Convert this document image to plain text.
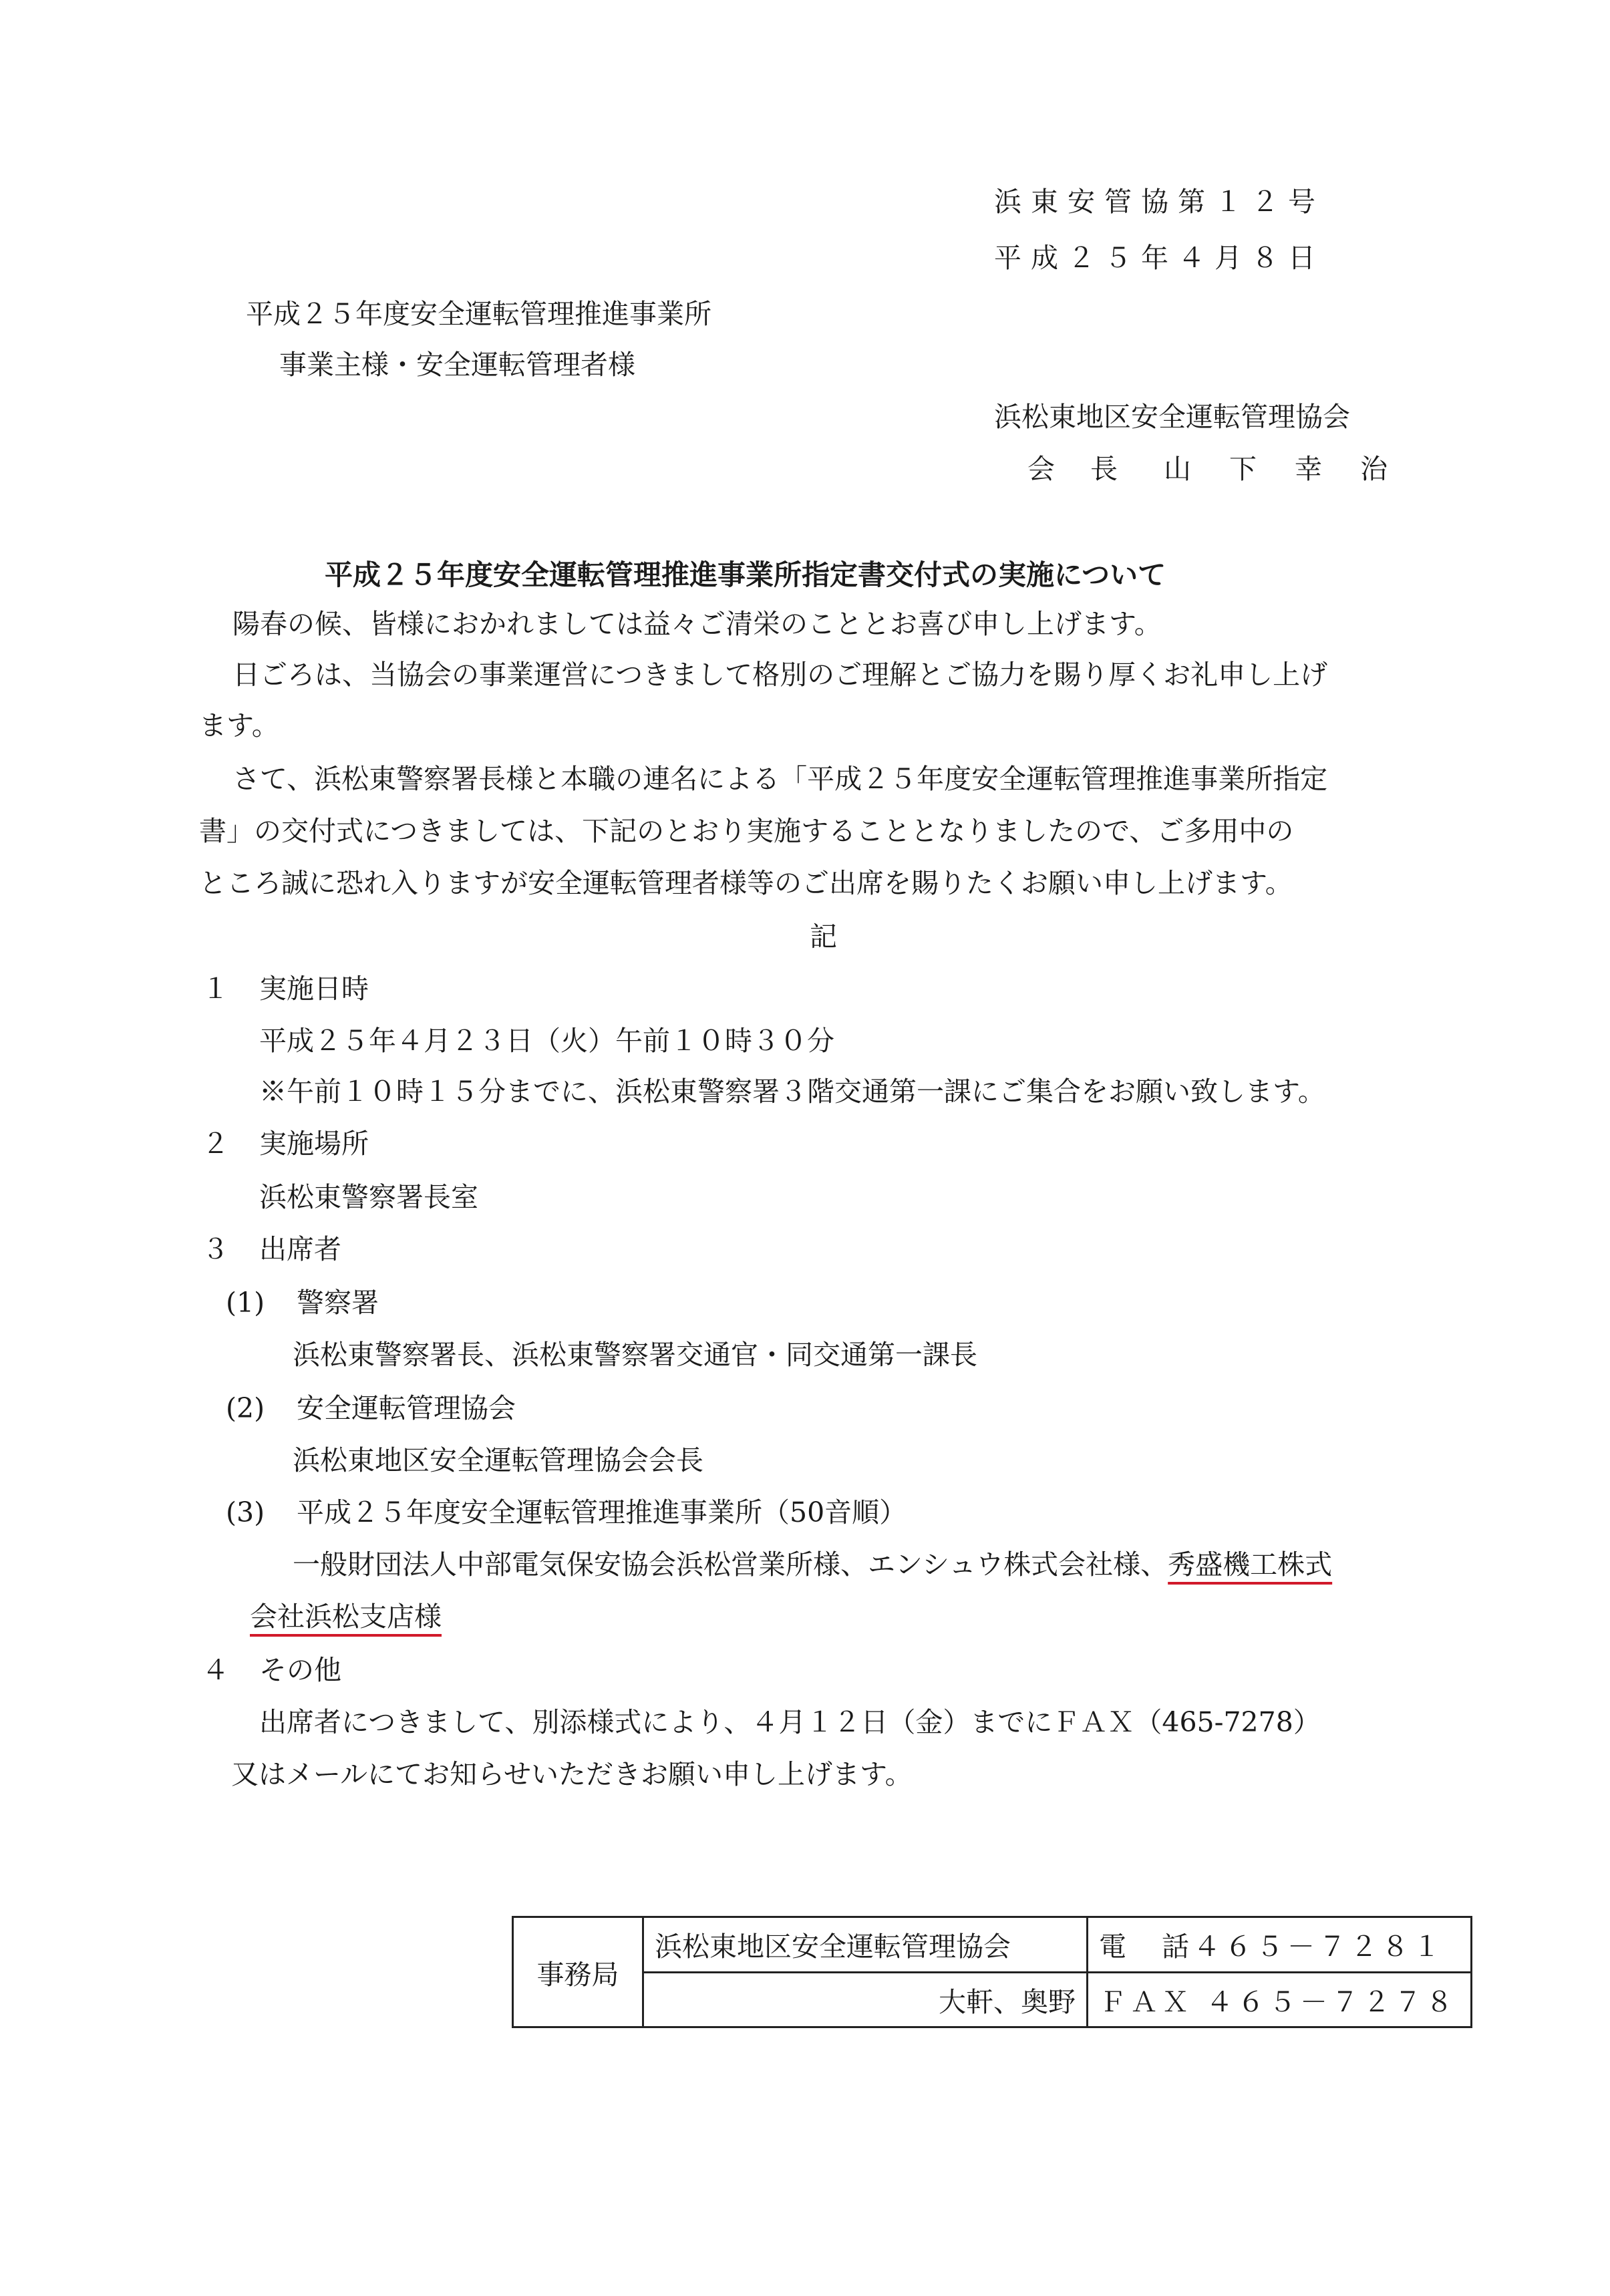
浜東安管協第１２号
平成２５年４月８日
平成２５年度安全運転管理推進事業所
事業主様・安全運転管理者様
浜松東地区安全運転管理協会
会　長 山　下　幸　治
平成２５年度安全運転管理推進事業所指定書交付式の実施について
陽春の候、皆様におかれましては益々ご清栄のこととお喜び申し上げます。
日ごろは、当協会の事業運営につきまして格別のご理解とご協力を賜り厚くお礼申し上げ
ます。
さて、浜松東警察署長様と本職の連名による「平成２５年度安全運転管理推進事業所指定
書」の交付式につきましては、下記のとおり実施することとなりましたので、ご多用中の
ところ誠に恐れ入りますが安全運転管理者様等のご出席を賜りたくお願い申し上げます。
記
１ 実施日時
平成２５年４月２３日（火）午前１０時３０分
※午前１０時１５分までに、浜松東警察署３階交通第一課にご集合をお願い致します。
２ 実施場所
浜松東警察署長室
３ 出席者
(1) 警察署
浜松東警察署長、浜松東警察署交通官・同交通第一課長
(2) 安全運転管理協会
浜松東地区安全運転管理協会会長
(3) 平成２５年度安全運転管理推進事業所（50音順）
一般財団法人中部電気保安協会浜松営業所様、エンシュウ株式会社様、秀盛機工株式
会社浜松支店様
４ その他
出席者につきまして、別添様式により、４月１２日（金）までにＦＡＸ（465-7278）
又はメールにてお知らせいただきお願い申し上げます。
事務局	浜松東地区安全運転管理協会	電　話４６５－７２８１
	大軒、奥野	ＦＡＸ ４６５－７２７８
